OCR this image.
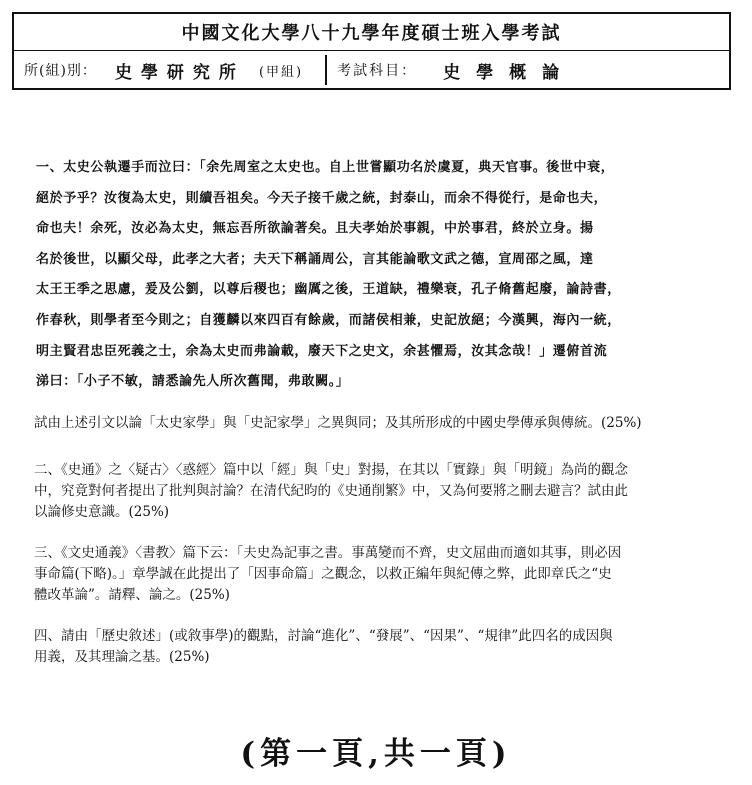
中國文化大學八十九學年度碩士班入學考試
所(組)別： 史學研究所 (甲組) 考試科目： 史學概論
一、太史公執遷手而泣曰：「余先周室之太史也。自上世嘗顯功名於虞夏，典天官事。後世中衰，
絕於予乎？汝復為太史，則續吾祖矣。今天子接千歲之統，封泰山，而余不得從行，是命也夫，
命也夫！余死，汝必為太史，無忘吾所欲論著矣。且夫孝始於事親，中於事君，終於立身。揚
名於後世，以顯父母，此孝之大者；夫天下稱誦周公，言其能論歌文武之德，宣周邵之風，達
太王王季之思慮，爰及公劉，以尊后稷也；幽厲之後，王道缺，禮樂衰，孔子脩舊起廢，論詩書，
作春秋，則學者至今則之；自獲麟以來四百有餘歲，而諸侯相兼，史記放絕；今漢興，海內一統，
明主賢君忠臣死義之士，余為太史而弗論載，廢天下之史文，余甚懼焉，汝其念哉！」遷俯首流
涕曰：「小子不敏，請悉論先人所次舊聞，弗敢闕。」
試由上述引文以論「太史家學」與「史記家學」之異與同；及其所形成的中國史學傳承與傳統。(25%)
二、《史通》之〈疑古〉〈惑經〉篇中以「經」與「史」對揚，在其以「實錄」與「明鏡」為尚的觀念
中，究竟對何者提出了批判與討論？在清代紀昀的《史通削繁》中，又為何要將之刪去避言？試由此
以論修史意識。(25%)
三、《文史通義》〈書教〉篇下云：「夫史為記事之書。事萬變而不齊，史文屈曲而適如其事，則必因
事命篇(下略)。」章學誠在此提出了「因事命篇」之觀念，以救正編年與紀傳之弊，此即章氏之“史
體改革論”。請釋、論之。(25%)
四、請由「歷史敘述」(或敘事學)的觀點，討論“進化”、“發展”、“因果”、“規律”此四名的成因與
用義，及其理論之基。(25%)
(第一頁,共一頁)
